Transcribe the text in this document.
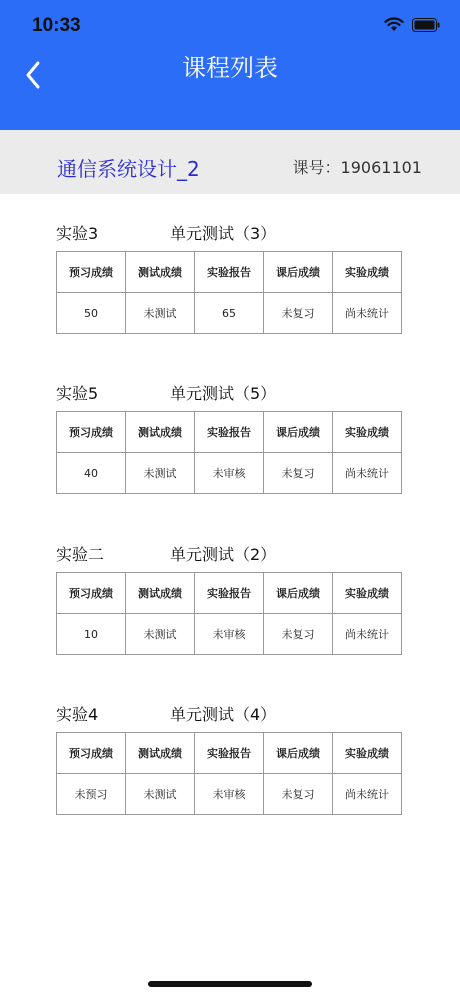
10:33
课程列表
通信系统设计_2	课号：19061101
实验3	单元测试（3）
预习成绩	测试成绩	实验报告	课后成绩	实验成绩
50	未测试	65	未复习	尚未统计
实验5	单元测试（5）
预习成绩	测试成绩	实验报告	课后成绩	实验成绩
40	未测试	未审核	未复习	尚未统计
实验二	单元测试（2）
预习成绩	测试成绩	实验报告	课后成绩	实验成绩
10	未测试	未审核	未复习	尚未统计
实验4	单元测试（4）
预习成绩	测试成绩	实验报告	课后成绩	实验成绩
未预习	未测试	未审核	未复习	尚未统计
